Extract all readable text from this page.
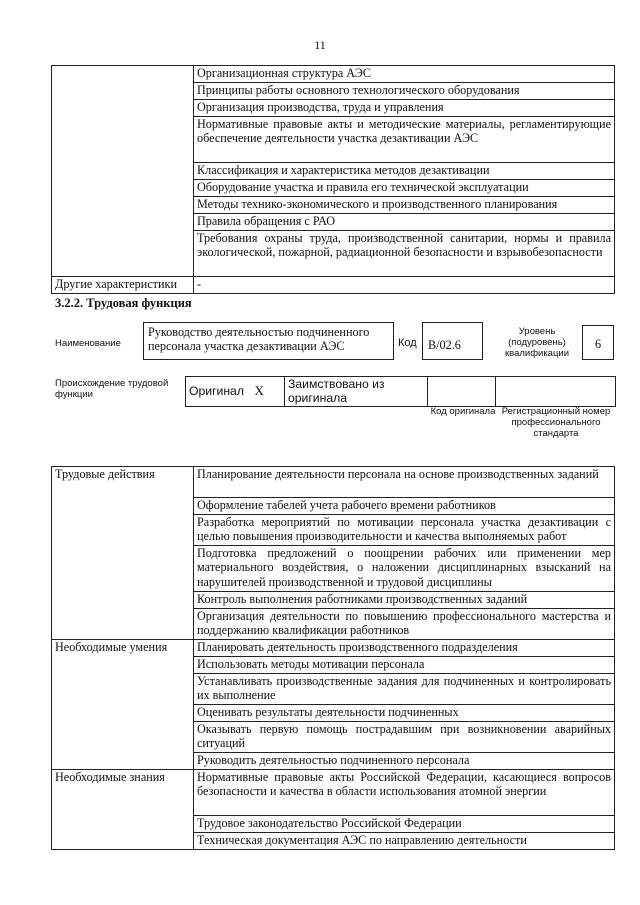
11
	Организационная структура АЭС
	Принципы работы основного технологического оборудования
	Организация производства, труда и управления
	Нормативные правовые акты и методические материалы, регламентирующие обеспечение деятельности участка дезактивации АЭС
	Классификация и характеристика методов дезактивации
	Оборудование участка и правила его технической эксплуатации
	Методы технико-экономического и производственного планирования
	Правила обращения с РАО
	Требования охраны труда, производственной санитарии, нормы и правила экологической, пожарной, радиационной безопасности и взрывобезопасности
Другие характеристики	-
3.2.2. Трудовая функция
Наименование
Руководство деятельностью подчиненного персонала участка дезактивации АЭС	Код B/02.6
Уровень (подуровень) квалификации
6
Происхождение трудовой функции	Оригинал	X	Заимствовано из оригинала		
Код оригинала Регистрационный номер профессионального стандарта
Трудовые действия	Планирование деятельности персонала на основе производственных заданий
	Оформление табелей учета рабочего времени работников
	Разработка мероприятий по мотивации персонала участка дезактивации с целью повышения производительности и качества выполняемых работ
	Подготовка предложений о поощрении рабочих или применении мер материального воздействия, о наложении дисциплинарных взысканий на нарушителей производственной и трудовой дисциплины
	Контроль выполнения работниками производственных заданий
	Организация деятельности по повышению профессионального мастерства и поддержанию квалификации работников
Необходимые умения	Планировать деятельность производственного подразделения
	Использовать методы мотивации персонала
	Устанавливать производственные задания для подчиненных и контролировать их выполнение
	Оценивать результаты деятельности подчиненных
	Оказывать первую помощь пострадавшим при возникновении аварийных ситуаций
	Руководить деятельностью подчиненного персонала
Необходимые знания	Нормативные правовые акты Российской Федерации, касающиеся вопросов безопасности и качества в области использования атомной энергии
	Трудовое законодательство Российской Федерации
	Техническая документация АЭС по направлению деятельности
